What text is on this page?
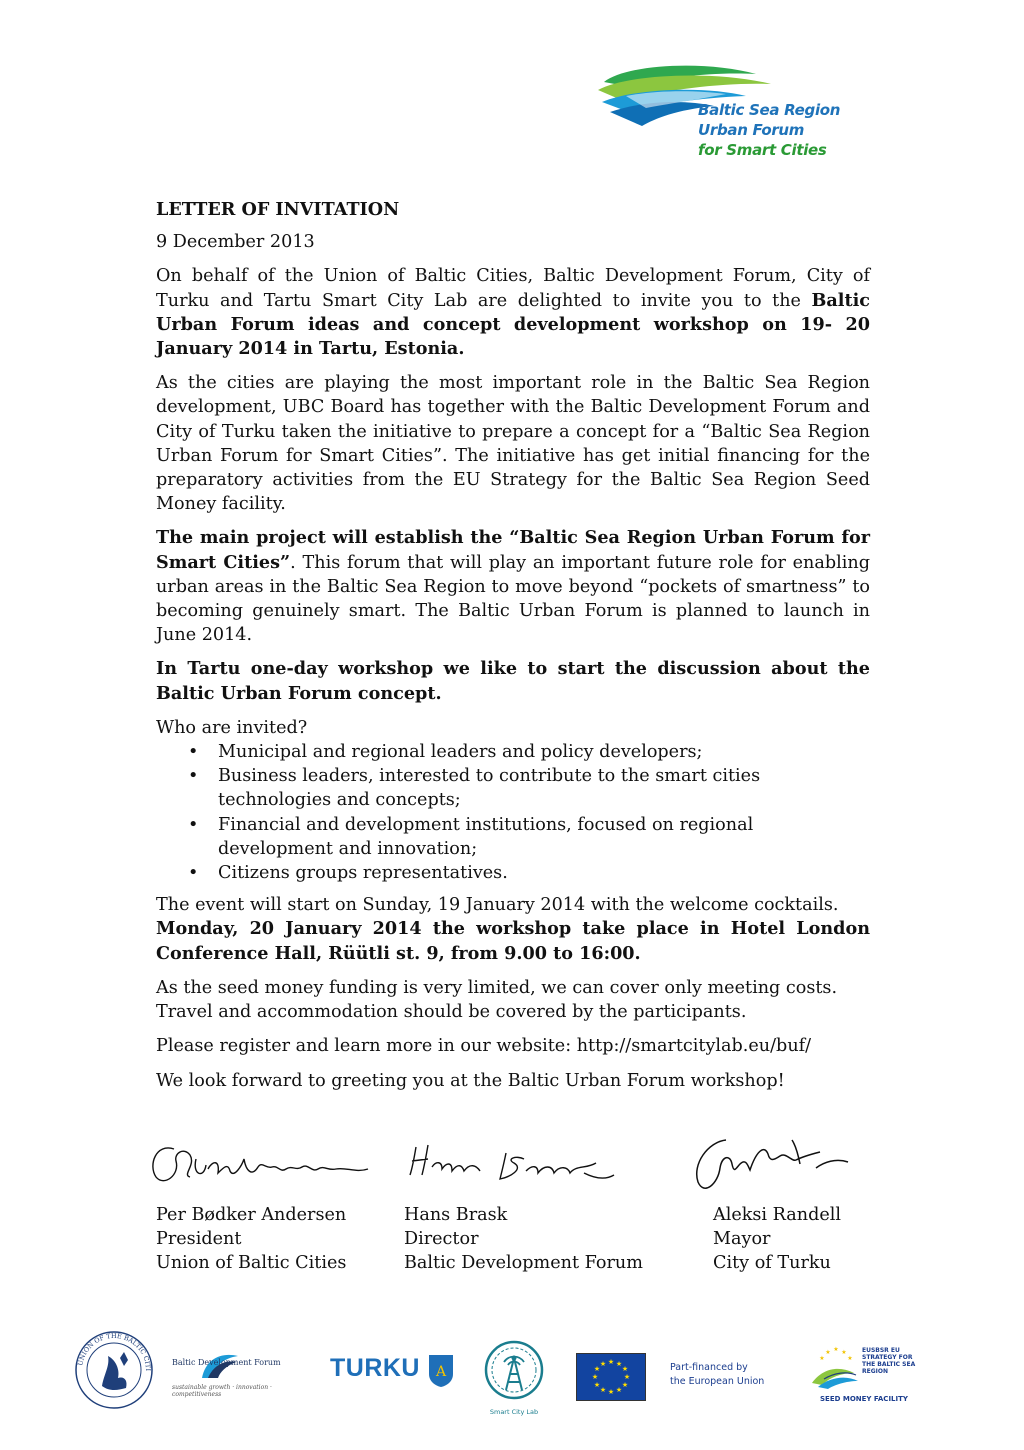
Baltic Sea Region
Urban Forum
for Smart Cities

LETTER OF INVITATION

9 December 2013

On behalf of the Union of Baltic Cities, Baltic Development Forum, City of Turku and Tartu Smart City Lab are delighted to invite you to the Baltic Urban Forum ideas and concept development workshop on 19- 20 January 2014 in Tartu, Estonia.

As the cities are playing the most important role in the Baltic Sea Region development, UBC Board has together with the Baltic Development Forum and City of Turku taken the initiative to prepare a concept for a “Baltic Sea Region Urban Forum for Smart Cities”. The initiative has get initial financing for the preparatory activities from the EU Strategy for the Baltic Sea Region Seed Money facility.

The main project will establish the “Baltic Sea Region Urban Forum for Smart Cities”. This forum that will play an important future role for enabling urban areas in the Baltic Sea Region to move beyond “pockets of smartness” to becoming genuinely smart. The Baltic Urban Forum is planned to launch in June 2014.

In Tartu one-day workshop we like to start the discussion about the Baltic Urban Forum concept.

Who are invited?

• Municipal and regional leaders and policy developers;
• Business leaders, interested to contribute to the smart cities technologies and concepts;
• Financial and development institutions, focused on regional development and innovation;
• Citizens groups representatives.

The event will start on Sunday, 19 January 2014 with the welcome cocktails.

Monday, 20 January 2014 the workshop take place in Hotel London Conference Hall, Rüütli st. 9, from 9.00 to 16:00.

As the seed money funding is very limited, we can cover only meeting costs.
Travel and accommodation should be covered by the participants.

Please register and learn more in our website: http://smartcitylab.eu/buf/

We look forward to greeting you at the Baltic Urban Forum workshop!

Per Bødker Andersen
President
Union of Baltic Cities
Hans Brask
Director
Baltic Development Forum
Aleksi Randell
Mayor
City of Turku
UNION OF THE BALTIC CITI
Baltic Development Forum
sustainable growth · innovation · competitiveness
TURKU A
Smart City Lab
★ ★
★
★
★
★
★
★
★
★
★
★	Part-financed by
the European Union
★ ★
★
★
★
EUSBSR EU STRATEGY FOR THE BALTIC SEA REGION
SEED MONEY FACILITY
